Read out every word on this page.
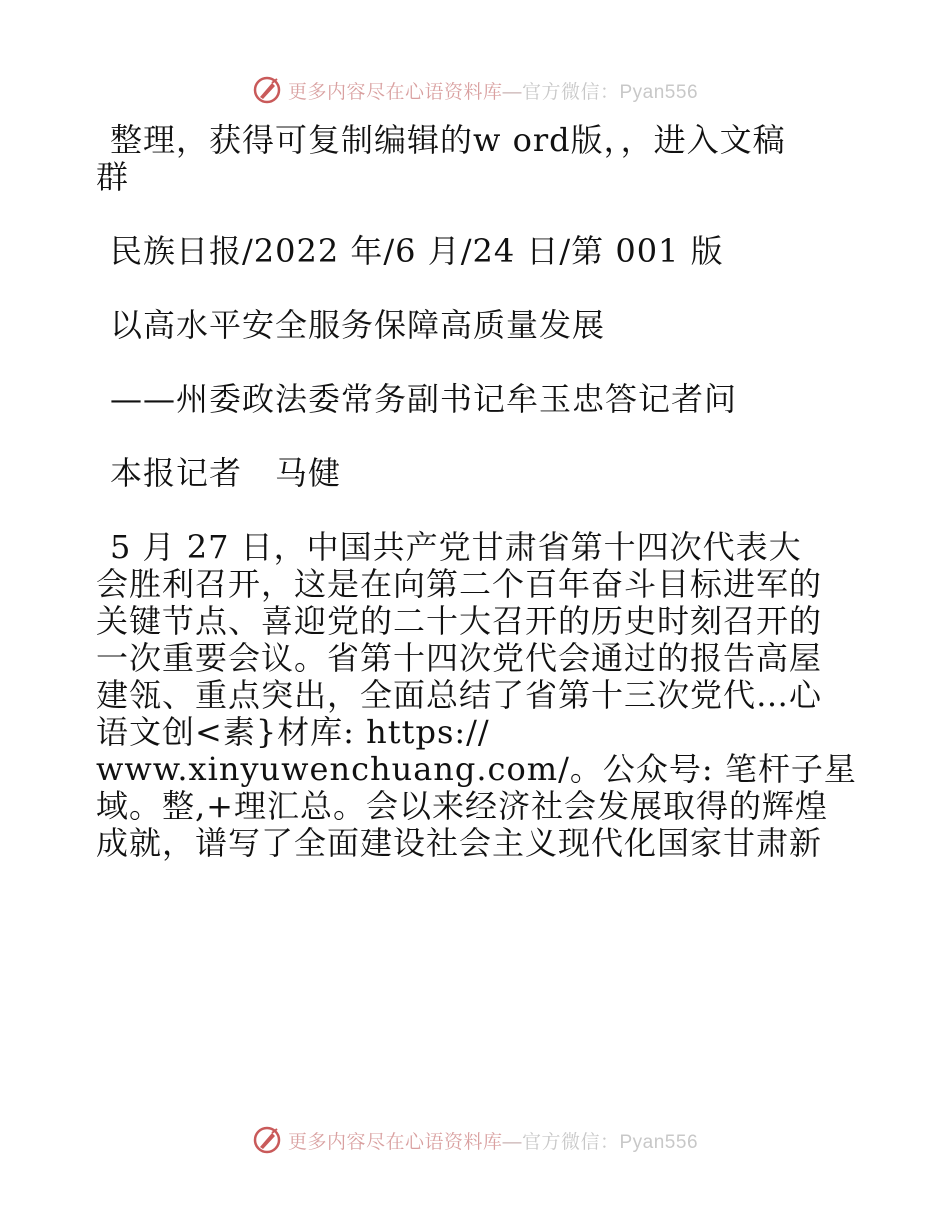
更多内容尽在心语资料库—官方微信：Pyan556
整理，获得可复制编辑的w ord版，，进入文稿
群
民族日报/2022 年/6 月/24 日/第 001 版
以高水平安全服务保障高质量发展
——州委政法委常务副书记牟玉忠答记者问
本报记者　马健
5 月 27 日，中国共产党甘肃省第十四次代表大
会胜利召开，这是在向第二个百年奋斗目标进军的
关键节点、喜迎党的二十大召开的历史时刻召开的
一次重要会议。省第十四次党代会通过的报告高屋
建瓴、重点突出，全面总结了省第十三次党代…心
语文创<素}材库: https://
www.xinyuwenchuang.com/。公众号: 笔杆子星
域。整,+理汇总。会以来经济社会发展取得的辉煌
成就，谱写了全面建设社会主义现代化国家甘肃新
更多内容尽在心语资料库—官方微信：Pyan556
